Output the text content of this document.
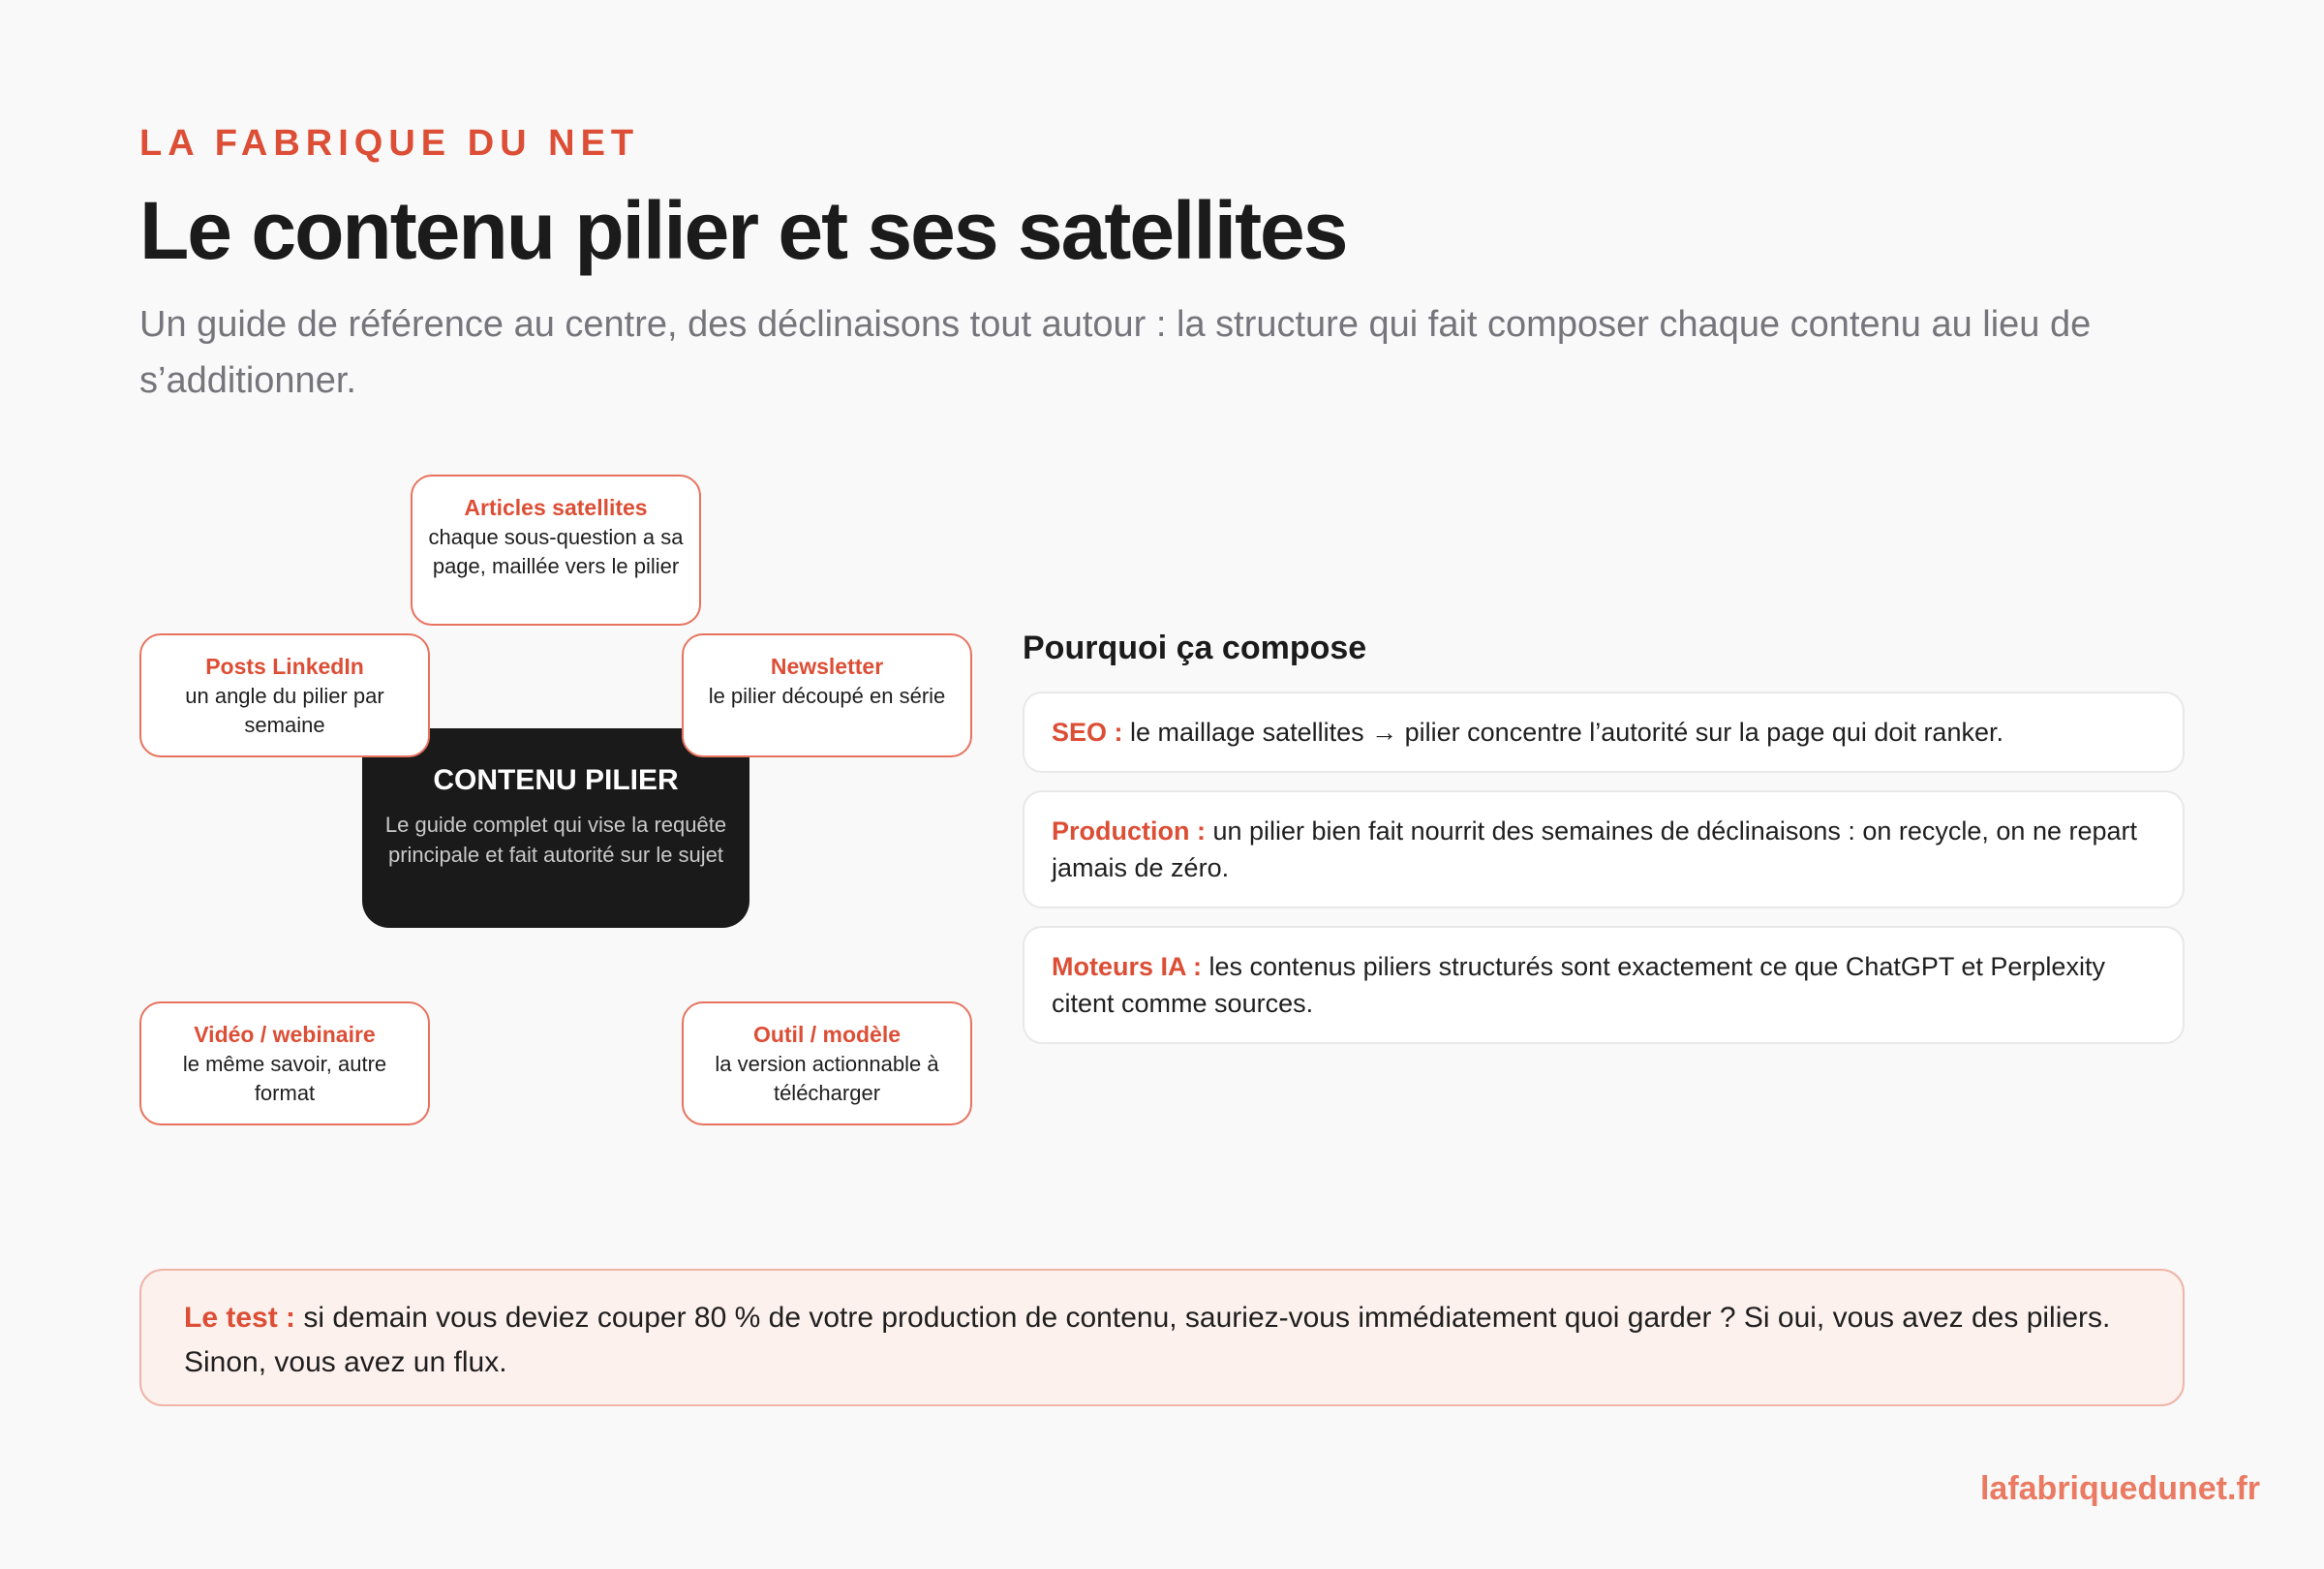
LA FABRIQUE DU NET
Le contenu pilier et ses satellites
Un guide de référence au centre, des déclinaisons tout autour : la structure qui fait composer chaque contenu au lieu de s’additionner.
CONTENU PILIER
Le guide complet qui vise la requête principale et fait autorité sur le sujet
Articles satellites
chaque sous-question a sa page, maillée vers le pilier
Posts LinkedIn
un angle du pilier par semaine
Newsletter
le pilier découpé en série
Vidéo / webinaire
le même savoir, autre format
Outil / modèle
la version actionnable à télécharger
Pourquoi ça compose
SEO : le maillage satellites → pilier concentre l’autorité sur la page qui doit ranker.
Production : un pilier bien fait nourrit des semaines de déclinaisons : on recycle, on ne repart jamais de zéro.
Moteurs IA : les contenus piliers structurés sont exactement ce que ChatGPT et Perplexity citent comme sources.
Le test : si demain vous deviez couper 80 % de votre production de contenu, sauriez-vous immédiatement quoi garder ? Si oui, vous avez des piliers. Sinon, vous avez un flux.
lafabriquedunet.fr
